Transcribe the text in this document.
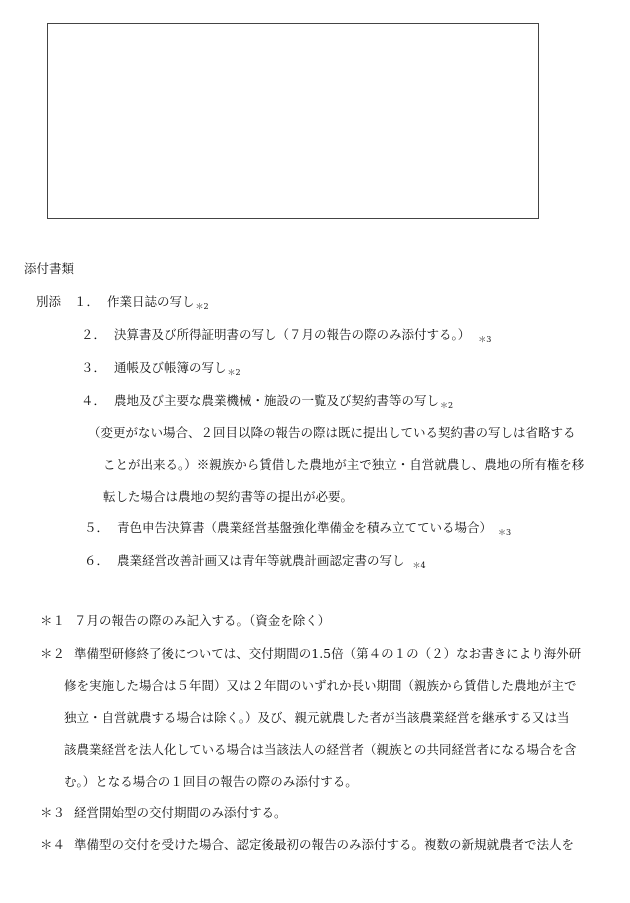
添付書類
別添 １． 作業日誌の写し$_{*2}$
２． 決算書及び所得証明書の写し（７月の報告の際のみ添付する。） $_{*3}$
３． 通帳及び帳簿の写し$_{*2}$
４． 農地及び主要な農業機械・施設の一覧及び契約書等の写し$_{*2}$
（変更がない場合、２回目以降の報告の際は既に提出している契約書の写しは省略する
ことが出来る。）※親族から賃借した農地が主で独立・自営就農し、農地の所有権を移
転した場合は農地の契約書等の提出が必要。
５． 青色申告決算書（農業経営基盤強化準備金を積み立てている場合） $_{*3}$
６． 農業経営改善計画又は青年等就農計画認定書の写し $_{*4}$
＊１ ７月の報告の際のみ記入する。（資金を除く）
＊２ 準備型研修終了後については、交付期間の1.5倍（第４の１の（２）なお書きにより海外研
修を実施した場合は５年間）又は２年間のいずれか長い期間（親族から賃借した農地が主で
独立・自営就農する場合は除く。）及び、親元就農した者が当該農業経営を継承する又は当
該農業経営を法人化している場合は当該法人の経営者（親族との共同経営者になる場合を含
む。）となる場合の１回目の報告の際のみ添付する。
＊３ 経営開始型の交付期間のみ添付する。
＊４ 準備型の交付を受けた場合、認定後最初の報告のみ添付する。複数の新規就農者で法人を
